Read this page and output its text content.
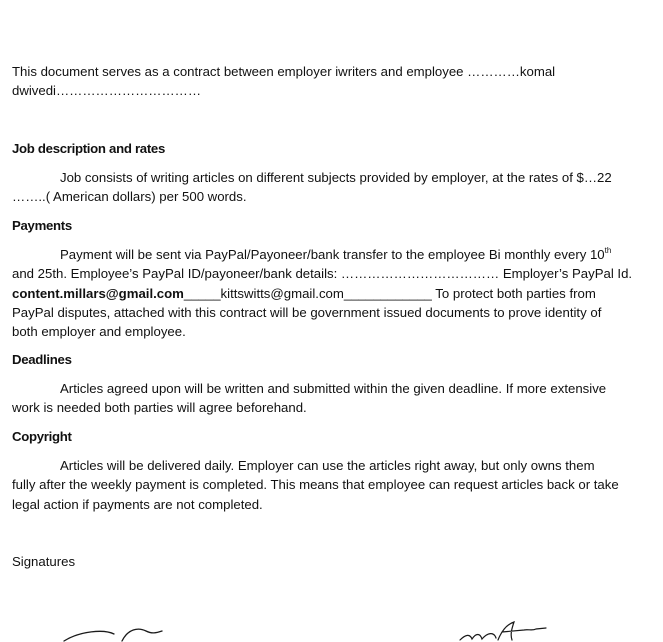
This document serves as a contract between employer iwriters and employee …………komal
dwivedi……………………………
Job description and rates
Job consists of writing articles on different subjects provided by employer, at the rates of $…22
……..( American dollars) per 500 words.
Payments
Payment will be sent via PayPal/Payoneer/bank transfer to the employee Bi monthly every 10th
and 25th. Employee’s PayPal ID/payoneer/bank details: ……………………………… Employer’s PayPal Id.
content.millars@gmail.com_____kittswitts@gmail.com____________ To protect both parties from
PayPal disputes, attached with this contract will be government issued documents to prove identity of
both employer and employee.
Deadlines
Articles agreed upon will be written and submitted within the given deadline. If more extensive
work is needed both parties will agree beforehand.
Copyright
Articles will be delivered daily. Employer can use the articles right away, but only owns them
fully after the weekly payment is completed. This means that employee can request articles back or take
legal action if payments are not completed.
Signatures
